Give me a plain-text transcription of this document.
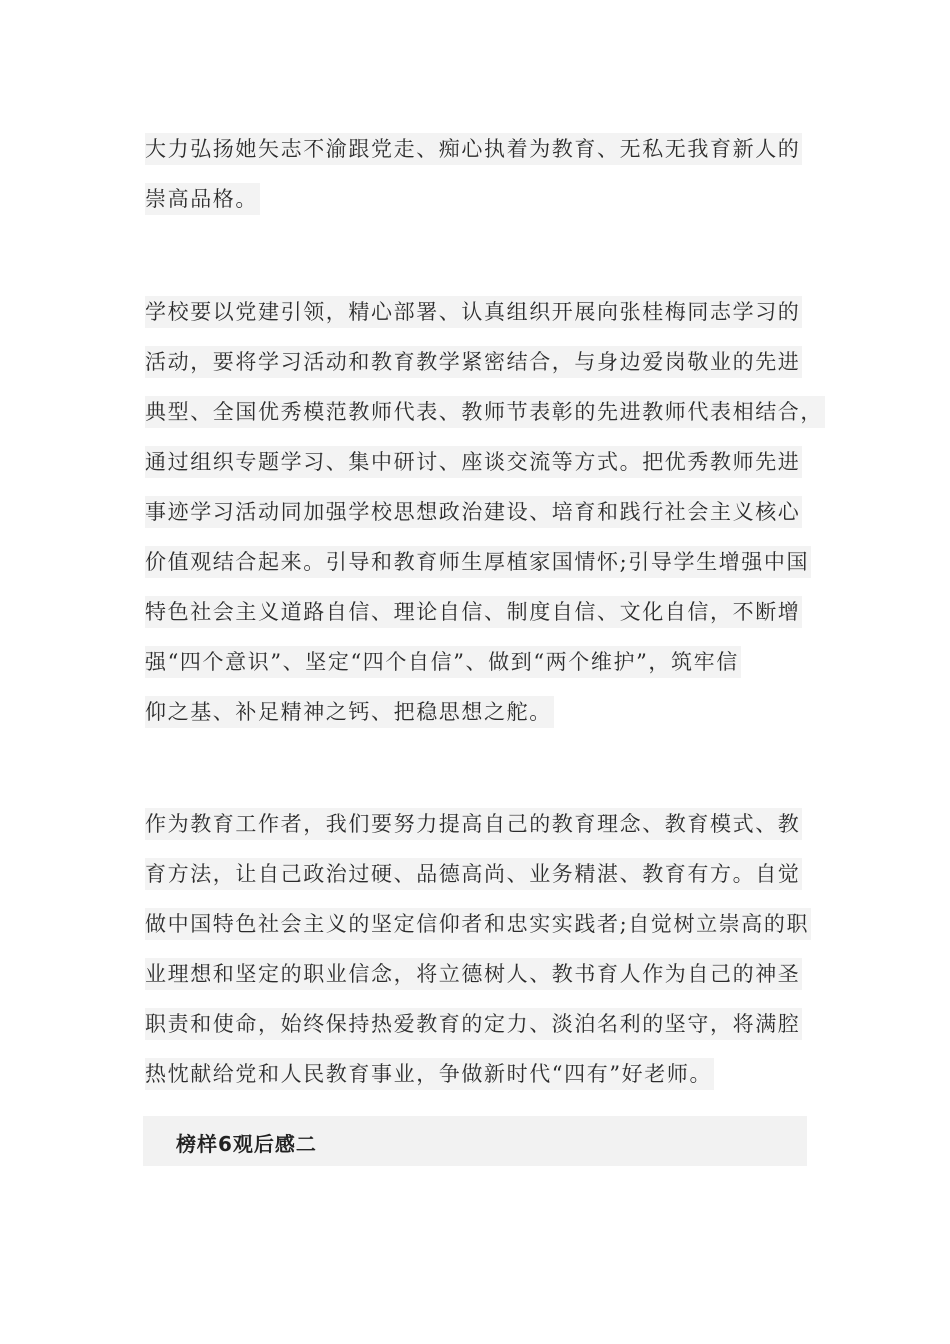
大力弘扬她矢志不渝跟党走、痴心执着为教育、无私无我育新人的
崇高品格。
学校要以党建引领，精心部署、认真组织开展向张桂梅同志学习的
活动，要将学习活动和教育教学紧密结合，与身边爱岗敬业的先进
典型、全国优秀模范教师代表、教师节表彰的先进教师代表相结合，
通过组织专题学习、集中研讨、座谈交流等方式。把优秀教师先进
事迹学习活动同加强学校思想政治建设、培育和践行社会主义核心
价值观结合起来。引导和教育师生厚植家国情怀;引导学生增强中国
特色社会主义道路自信、理论自信、制度自信、文化自信，不断增
强“四个意识”、坚定“四个自信”、做到“两个维护”，筑牢信
仰之基、补足精神之钙、把稳思想之舵。
作为教育工作者，我们要努力提高自己的教育理念、教育模式、教
育方法，让自己政治过硬、品德高尚、业务精湛、教育有方。自觉
做中国特色社会主义的坚定信仰者和忠实实践者;自觉树立崇高的职
业理想和坚定的职业信念，将立德树人、教书育人作为自己的神圣
职责和使命，始终保持热爱教育的定力、淡泊名利的坚守，将满腔
热忱献给党和人民教育事业，争做新时代“四有”好老师。
榜样6观后感二
